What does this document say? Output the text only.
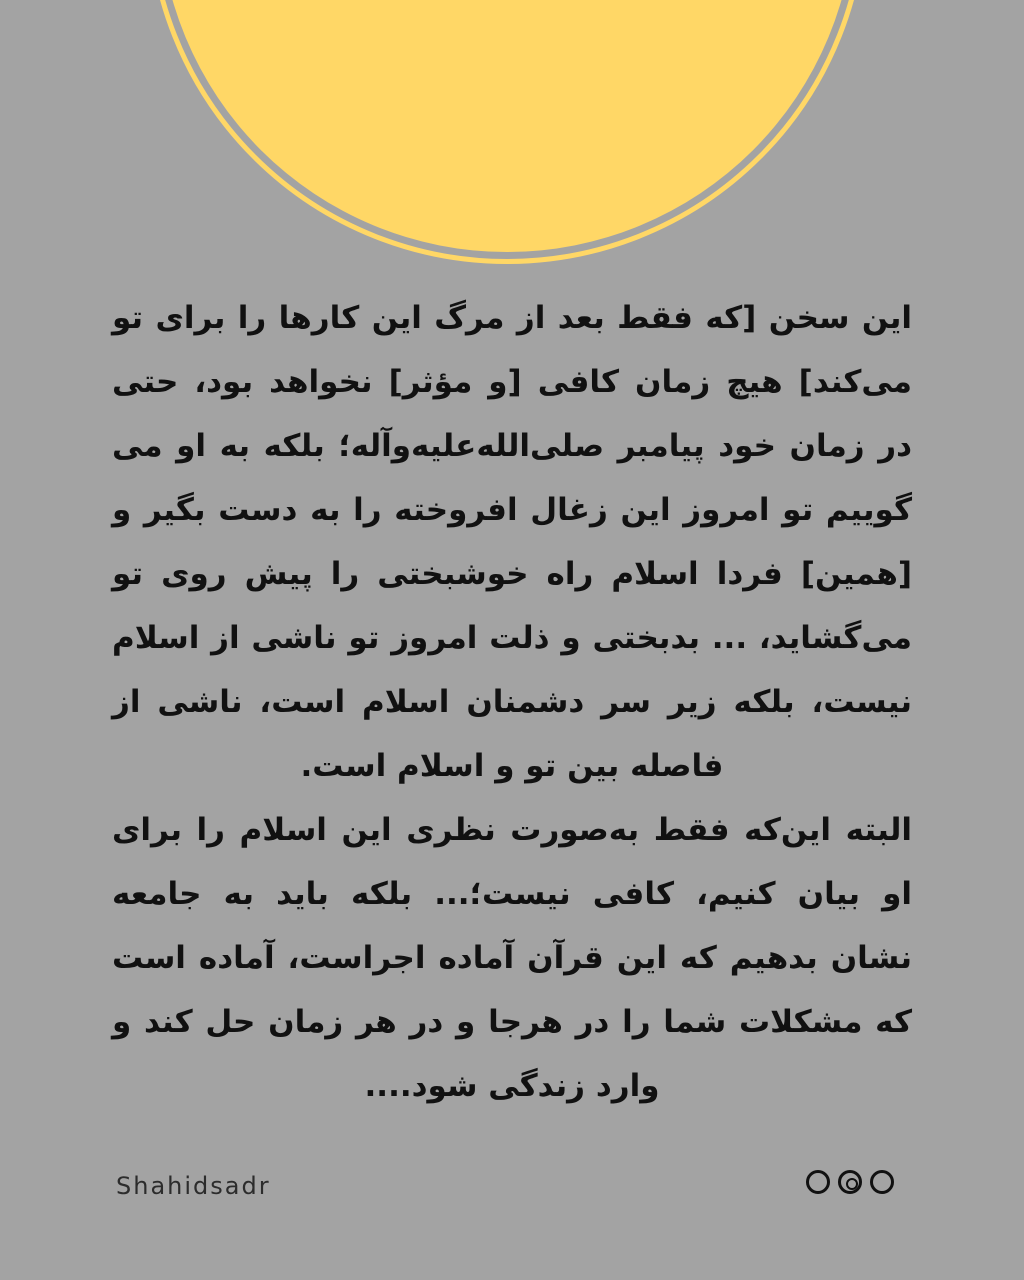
این سخن [که فقط بعد از مرگ این کارها را برای تو می‌کند] هیچ زمان کافی [و مؤثر] نخواهد بود، حتی در زمان خود پیامبر صلی‌الله‌علیه‌وآله؛ بلکه به او می گوییم تو امروز این زغال افروخته را به دست بگیر و [همین] فردا اسلام راه خوشبختی را پیش روی تو می‌گشاید، ... بدبختی و ذلت امروز تو ناشی از اسلام نیست، بلکه زیر سر دشمنان اسلام است، ناشی از فاصله بین تو و اسلام است.

البته این‌که فقط به‌صورت نظری این اسلام را برای او بیان کنیم، کافی نیست؛... بلکه باید به جامعه نشان بدهیم که این قرآن آماده اجراست، آماده است که مشکلات شما را در هرجا و در هر زمان حل کند و وارد زندگی شود....

Shahidsadr
